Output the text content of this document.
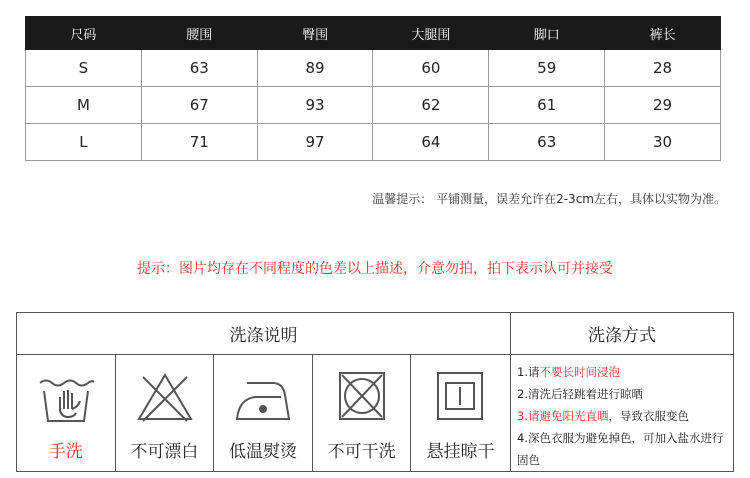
尺码	腰围	臀围	大腿围	脚口	裤长
S	63	89	60	59	28
M	67	93	62	61	29
L	71	97	64	63	30
温馨提示： 平铺测量，误差允许在2-3cm左右，具体以实物为准。
提示：图片均存在不同程度的色差以上描述，介意勿拍，拍下表示认可并接受
洗涤说明	洗涤方式
手洗	不可漂白	低温熨烫	不可干洗	悬挂晾干
1.请不要长时间浸泡
2.清洗后轻跳着进行晾晒
3.请避免阳光直晒，导致衣服变色
4.深色衣服为避免掉色，可加入盐水进行固色
